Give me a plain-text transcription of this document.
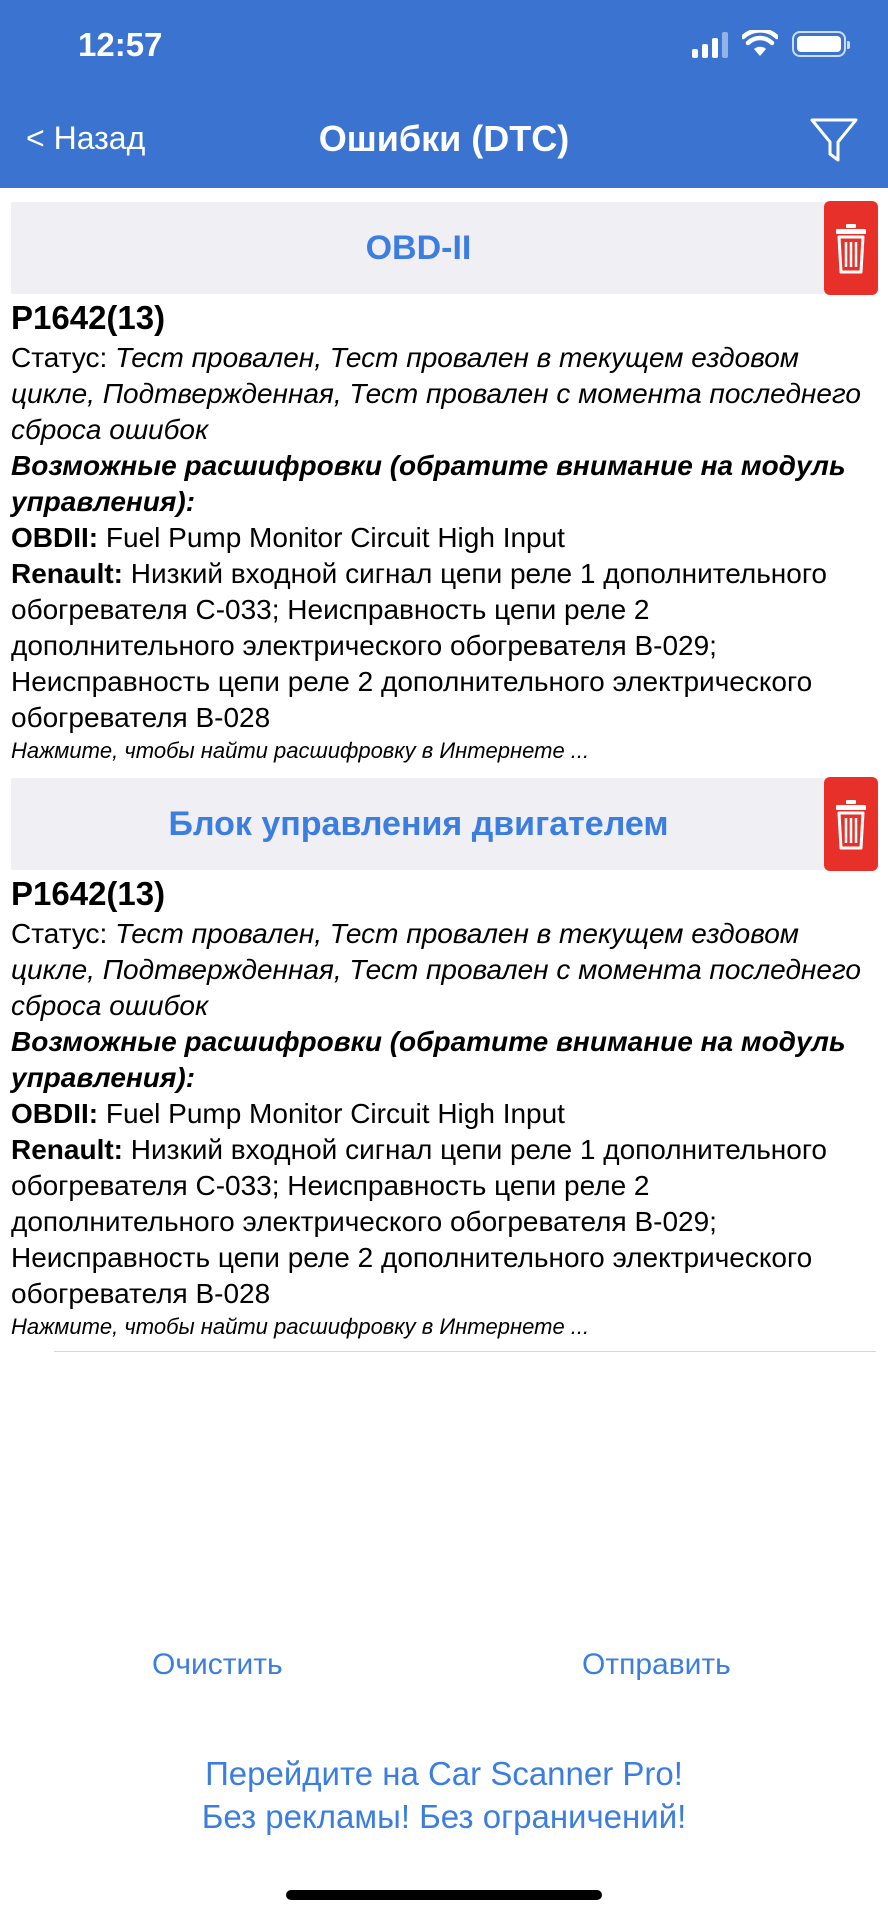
12:57
< Назад	Ошибки (DTC)
OBD-II
P1642(13)
Статус: Тест провален, Тест провален в текущем ездовом цикле, Подтвержденная, Тест провален с момента последнего сброса ошибок
Возможные расшифровки (обратите внимание на модуль управления):
OBDII: Fuel Pump Monitor Circuit High Input
Renault: Низкий входной сигнал цепи реле 1 дополнительного обогревателя C-033; Неисправность цепи реле 2 дополнительного электрического обогревателя B-029; Неисправность цепи реле 2 дополнительного электрического обогревателя B-028
Нажмите, чтобы найти расшифровку в Интернете ...
Блок управления двигателем
P1642(13)
Статус: Тест провален, Тест провален в текущем ездовом цикле, Подтвержденная, Тест провален с момента последнего сброса ошибок
Возможные расшифровки (обратите внимание на модуль управления):
OBDII: Fuel Pump Monitor Circuit High Input
Renault: Низкий входной сигнал цепи реле 1 дополнительного обогревателя C-033; Неисправность цепи реле 2 дополнительного электрического обогревателя B-029; Неисправность цепи реле 2 дополнительного электрического обогревателя B-028
Нажмите, чтобы найти расшифровку в Интернете ...
Очистить	Отправить
Перейдите на Car Scanner Pro!
Без рекламы! Без ограничений!
